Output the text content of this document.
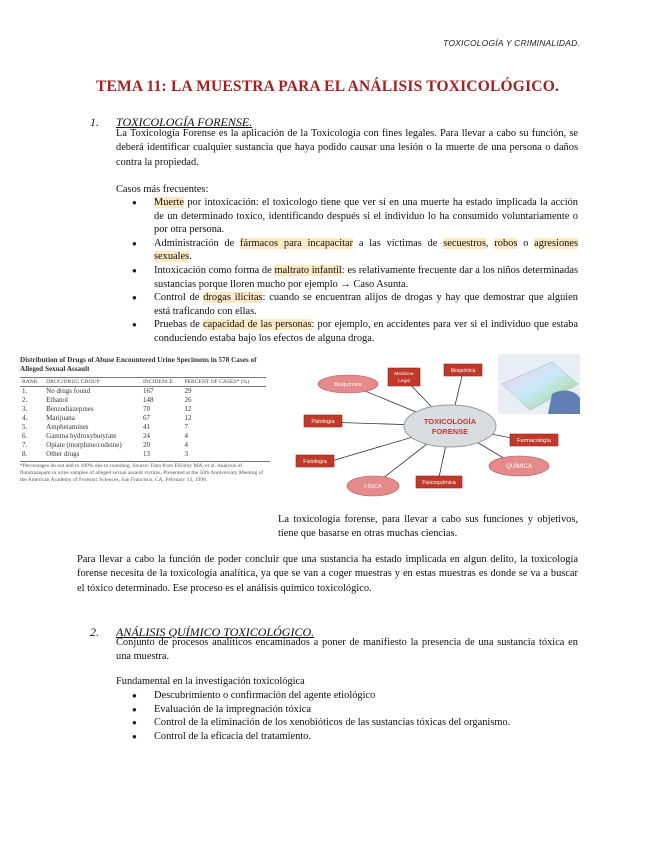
TOXICOLOGÍA Y CRIMINALIDAD.
TEMA 11: LA MUESTRA PARA EL ANÁLISIS TOXICOLÓGICO.
1. TOXICOLOGÍA FORENSE.
La Toxicología Forense es la aplicación de la Toxicología con fines legales. Para llevar a cabo su función, se deberá identificar cualquier sustancia que haya podido causar una lesión o la muerte de una persona o daños contra la propiedad.
Casos más frecuentes:
● Muerte por intoxicación: el toxicologo tiene que ver si en una muerte ha estado implicada la acción de un determinado toxico, identificando después si el individuo lo ha consumido voluntariamente o por otra persona.
● Administración de fármacos para incapacitar a las víctimas de secuestros, robos o agresiones sexuales.
● Intoxicación como forma de maltrato infantil: es relativamente frecuente dar a los niños determinadas sustancias porque lloren mucho por ejemplo → Caso Asunta.
● Control de drogas ilícitas: cuando se encuentran alijos de drogas y hay que demostrar que alguien está traficando con ellas.
● Pruebas de capacidad de las personas: por ejemplo, en accidentes para ver si el individuo que estaba conduciendo estaba bajo los efectos de alguna droga.
Distribution of Drugs of Abuse Encountered Urine Specimens in 578 Cases of Alleged Sexual Assault
RANK	DRUG/DRUG GROUP	INCIDENCE	PERCENT OF CASES* (%)
1.	No drugs found	167	29
2.	Ethanol	148	26
3.	Benzodiazepines	70	12
4.	Marijuana	67	12
5.	Amphetamines	41	7
6.	Gamma hydroxybutyrate	24	4
7.	Opiate (morphine/codeine)	20	4
8.	Other drugs	13	3
*Percentages do not add to 100% due to rounding. Source: Data from ElSohly MA, et al. Analysis of flunitrazepam in urine samples of alleged sexual assault victims. Presented at the 50th Anniversary Meeting of the American Academy of Forensic Sciences, San Francisco, CA, February 13, 1998.
TOXICOLOGÍA
FORENSE
Bioquímica
Medicina
Legal
Bioquímica
Patología
Fisiología
FÍSICA
Fisicoquímica
QUÍMICA
Farmacología
La toxicología forense, para llevar a cabo sus funciones y objetivos, tiene que basarse en otras muchas ciencias.
Para llevar a cabo la función de poder concluir que una sustancia ha estado implicada en algun delito, la toxicología forense necesita de la toxicología analítica, ya que se van a coger muestras y en estas muestras es donde se va a buscar el tóxico determinado. Ese proceso es el análisis químico toxicológico.
2. ANÁLISIS QUÍMICO TOXICOLÓGICO.
Conjunto de procesos analíticos encaminados a poner de manifiesto la presencia de una sustancia tóxica en una muestra.
Fundamental en la investigación toxicológica
● Descubrimiento o confirmación del agente etiológico
● Evaluación de la impregnación tóxica
● Control de la eliminación de los xenobióticos de las sustancias tóxicas del organismo.
● Control de la eficacia del tratamiento.
